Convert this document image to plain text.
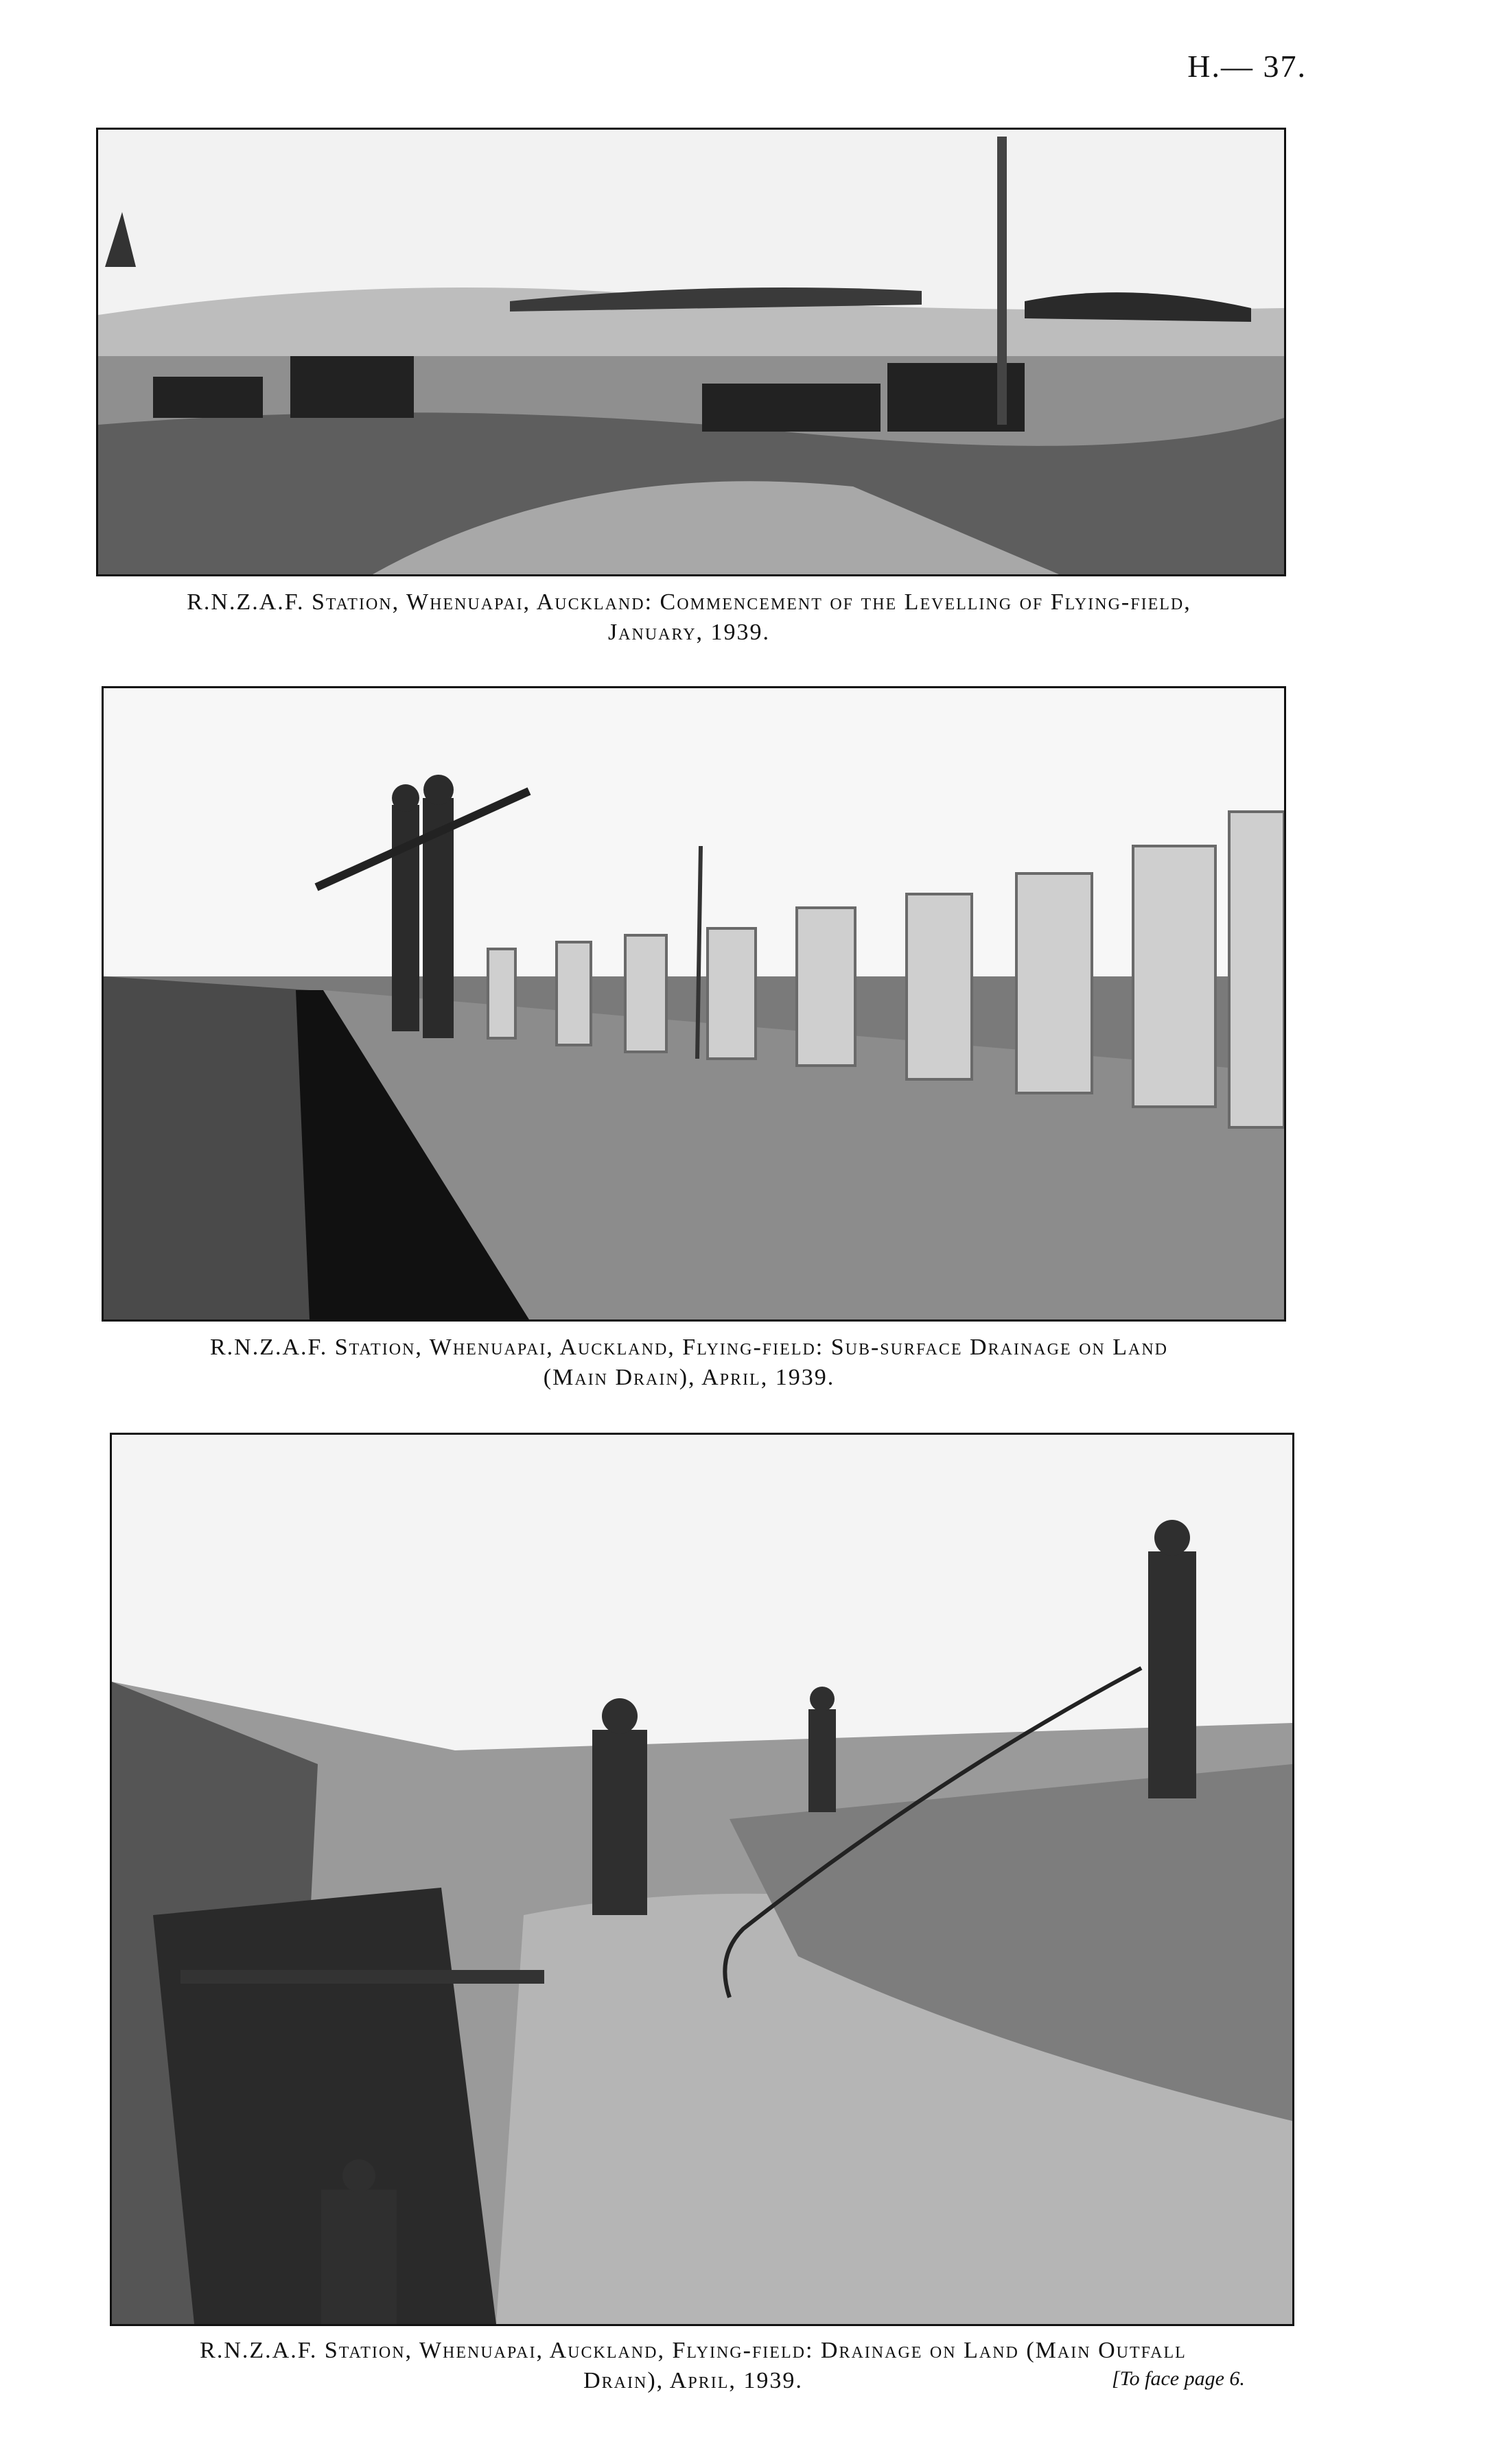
H.— 37.
R.N.Z.A.F. Station, Whenuapai, Auckland: Commencement of the Levelling of Flying-field,
January, 1939.
R.N.Z.A.F. Station, Whenuapai, Auckland, Flying-field: Sub-surface Drainage on Land
(Main Drain), April, 1939.
R.N.Z.A.F. Station, Whenuapai, Auckland, Flying-field: Drainage on Land (Main Outfall
Drain), April, 1939.	[To face page 6.
